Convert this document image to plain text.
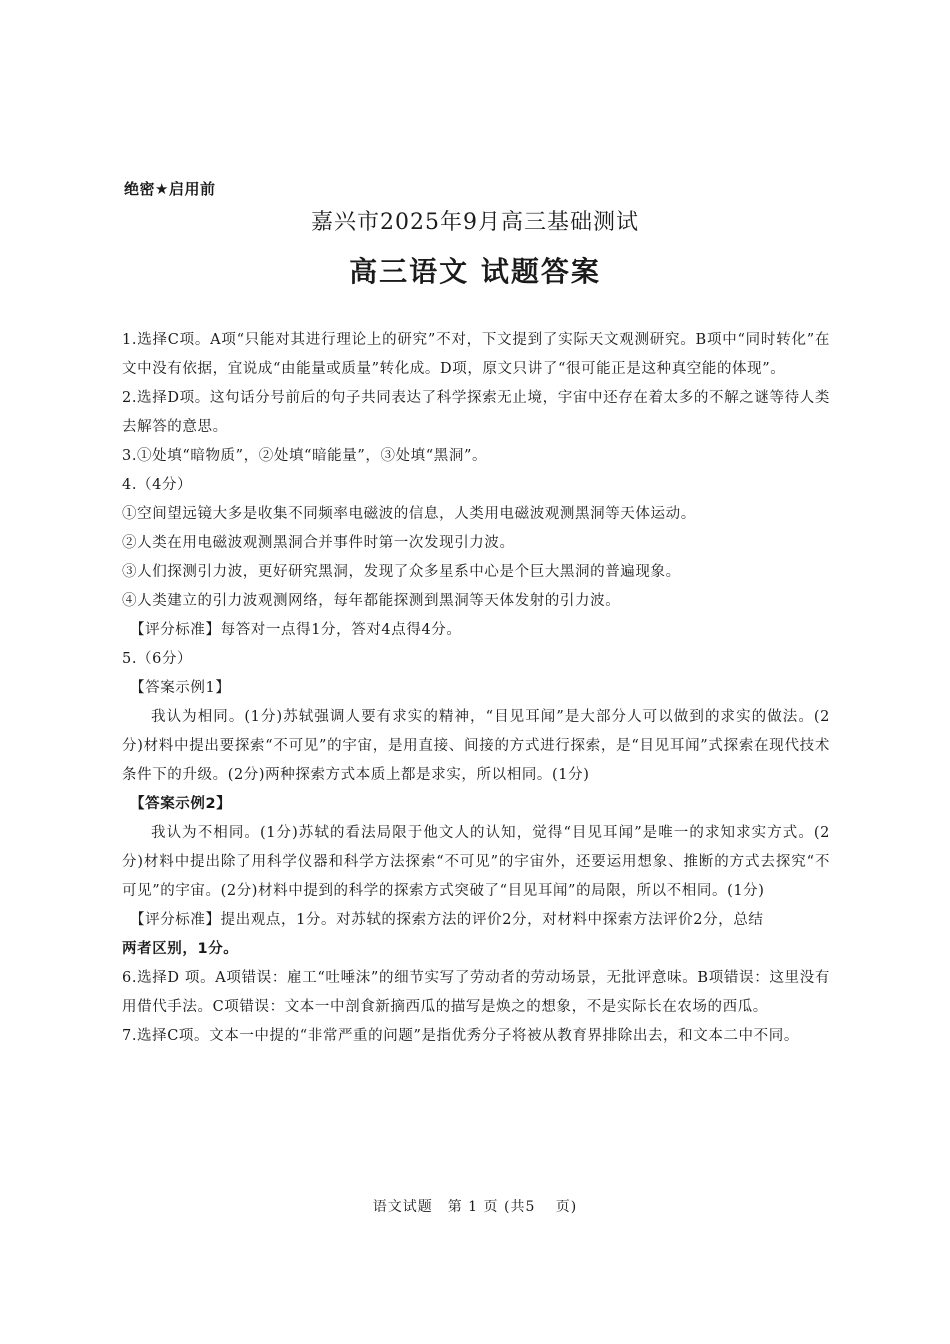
绝密★启用前
嘉兴市2025年9月高三基础测试
高三语文 试题答案

1.选择C项。A项“只能对其进行理论上的研究”不对，下文提到了实际天文观测研究。B项中“同时转化”在文中没有依据，宜说成“由能量或质量”转化成。D项，原文只讲了“很可能正是这种真空能的体现”。

2.选择D项。这句话分号前后的句子共同表达了科学探索无止境，宇宙中还存在着太多的不解之谜等待人类去解答的意思。

3.①处填“暗物质”，②处填“暗能量”，③处填“黑洞”。

4.（4分）

①空间望远镜大多是收集不同频率电磁波的信息，人类用电磁波观测黑洞等天体运动。

②人类在用电磁波观测黑洞合并事件时第一次发现引力波。

③人们探测引力波，更好研究黑洞，发现了众多星系中心是个巨大黑洞的普遍现象。

④人类建立的引力波观测网络，每年都能探测到黑洞等天体发射的引力波。

【评分标准】每答对一点得1分，答对4点得4分。

5.（6分）

【答案示例1】

我认为相同。(1分)苏轼强调人要有求实的精神，“目见耳闻”是大部分人可以做到的求实的做法。(2分)材料中提出要探索“不可见”的宇宙，是用直接、间接的方式进行探索，是“目见耳闻”式探索在现代技术条件下的升级。(2分)两种探索方式本质上都是求实，所以相同。(1分)

【答案示例2】

我认为不相同。(1分)苏轼的看法局限于他文人的认知，觉得“目见耳闻”是唯一的求知求实方式。(2分)材料中提出除了用科学仪器和科学方法探索“不可见”的宇宙外，还要运用想象、推断的方式去探究“不可见”的宇宙。(2分)材料中提到的科学的探索方式突破了“目见耳闻”的局限，所以不相同。(1分)

【评分标准】提出观点，1分。对苏轼的探索方法的评价2分，对材料中探索方法评价2分，总结

两者区别，1分。

6.选择D 项。A项错误：雇工“吐唾沫”的细节实写了劳动者的劳动场景，无批评意味。B项错误：这里没有用借代手法。C项错误：文本一中剖食新摘西瓜的描写是焕之的想象，不是实际长在农场的西瓜。

7.选择C项。文本一中提的“非常严重的问题”是指优秀分子将被从教育界排除出去，和文本二中不同。

语文试题　第 1 页 (共5　 页)
